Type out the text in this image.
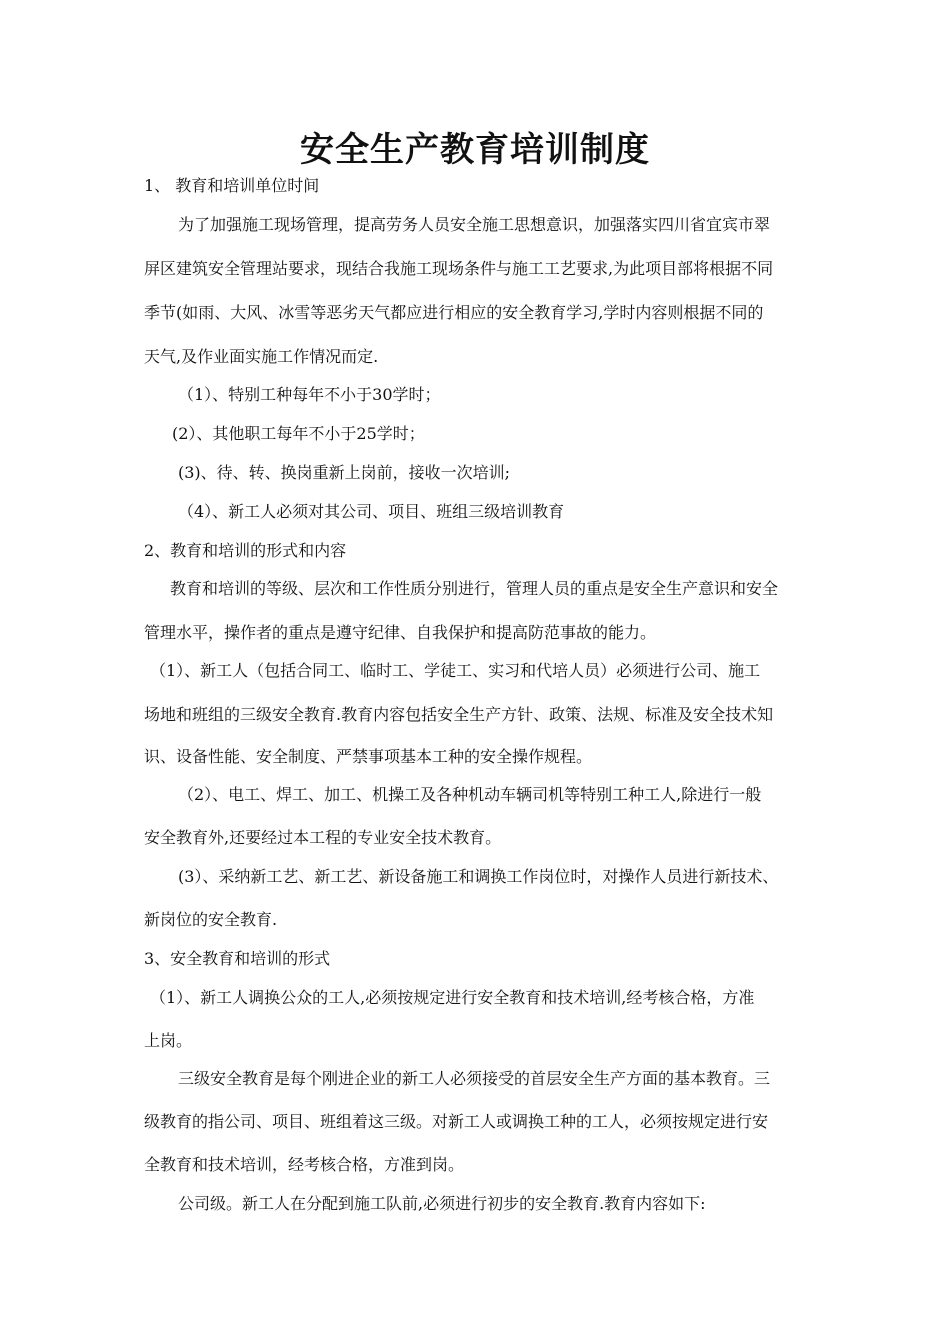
安全生产教育培训制度
1、 教育和培训单位时间
为了加强施工现场管理，提高劳务人员安全施工思想意识，加强落实四川省宜宾市翠
屏区建筑安全管理站要求，现结合我施工现场条件与施工工艺要求,为此项目部将根据不同
季节(如雨、大风、冰雪等恶劣天气都应进行相应的安全教育学习,学时内容则根据不同的
天气,及作业面实施工作情况而定.
（1）、特别工种每年不小于30学时；
(2）、其他职工每年不小于25学时；
(3)、待、转、换岗重新上岗前，接收一次培训;
（4）、新工人必须对其公司、项目、班组三级培训教育
2、教育和培训的形式和内容
教育和培训的等级、层次和工作性质分别进行，管理人员的重点是安全生产意识和安全
管理水平，操作者的重点是遵守纪律、自我保护和提高防范事故的能力。
（1）、新工人（包括合同工、临时工、学徒工、实习和代培人员）必须进行公司、施工
场地和班组的三级安全教育.教育内容包括安全生产方针、政策、法规、标准及安全技术知
识、设备性能、安全制度、严禁事项基本工种的安全操作规程。
（2）、电工、焊工、加工、机操工及各种机动车辆司机等特别工种工人,除进行一般
安全教育外,还要经过本工程的专业安全技术教育。
(3）、采纳新工艺、新工艺、新设备施工和调换工作岗位时，对操作人员进行新技术、
新岗位的安全教育.
3、安全教育和培训的形式
（1）、新工人调换公众的工人,必须按规定进行安全教育和技术培训,经考核合格，方准
上岗。
三级安全教育是每个刚进企业的新工人必须接受的首层安全生产方面的基本教育。三
级教育的指公司、项目、班组着这三级。对新工人或调换工种的工人，必须按规定进行安
全教育和技术培训，经考核合格，方准到岗。
公司级。新工人在分配到施工队前,必须进行初步的安全教育.教育内容如下:
